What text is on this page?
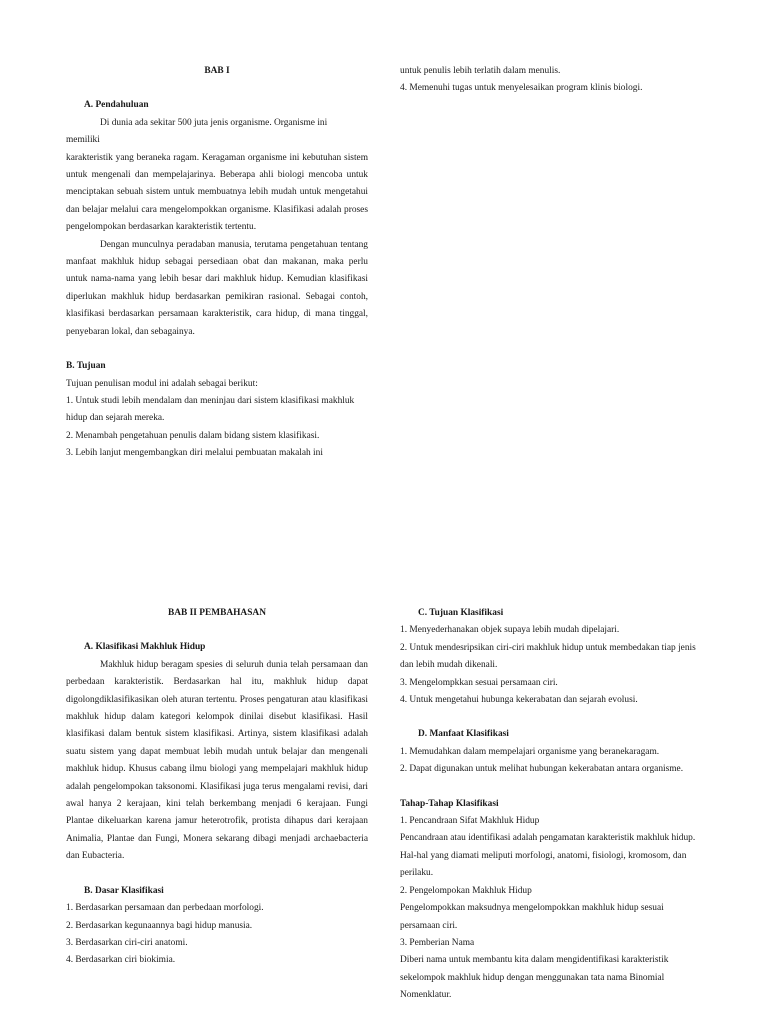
BAB I

A. Pendahuluan

Di dunia ada sekitar 500 juta jenis organisme. Organisme ini

memiliki

karakteristik yang beraneka ragam. Keragaman organisme ini kebutuhan sistem untuk mengenali dan mempelajarinya. Beberapa ahli biologi mencoba untuk menciptakan sebuah sistem untuk membuatnya lebih mudah untuk mengetahui dan belajar melalui cara mengelompokkan organisme. Klasifikasi adalah proses pengelompokan berdasarkan karakteristik tertentu.

Dengan munculnya peradaban manusia, terutama pengetahuan tentang manfaat makhluk hidup sebagai persediaan obat dan makanan, maka perlu untuk nama-nama yang lebih besar dari makhluk hidup. Kemudian klasifikasi diperlukan makhluk hidup berdasarkan pemikiran rasional. Sebagai contoh, klasifikasi berdasarkan persamaan karakteristik, cara hidup, di mana tinggal, penyebaran lokal, dan sebagainya.

B. Tujuan

Tujuan penulisan modul ini adalah sebagai berikut:

1. Untuk studi lebih mendalam dan meninjau dari sistem klasifikasi makhluk hidup dan sejarah mereka.

2. Menambah pengetahuan penulis dalam bidang sistem klasifikasi.

3. Lebih lanjut mengembangkan diri melalui pembuatan makalah ini

untuk penulis lebih terlatih dalam menulis.

4. Memenuhi tugas untuk menyelesaikan program klinis biologi.

BAB II PEMBAHASAN

A. Klasifikasi Makhluk Hidup

Makhluk hidup beragam spesies di seluruh dunia telah persamaan dan perbedaan karakteristik. Berdasarkan hal itu, makhluk hidup dapat digolongdiklasifikasikan oleh aturan tertentu. Proses pengaturan atau klasifikasi makhluk hidup dalam kategori kelompok dinilai disebut klasifikasi. Hasil klasifikasi dalam bentuk sistem klasifikasi. Artinya, sistem klasifikasi adalah suatu sistem yang dapat membuat lebih mudah untuk belajar dan mengenali makhluk hidup. Khusus cabang ilmu biologi yang mempelajari makhluk hidup adalah pengelompokan taksonomi. Klasifikasi juga terus mengalami revisi, dari awal hanya 2 kerajaan, kini telah berkembang menjadi 6 kerajaan. Fungi Plantae dikeluarkan karena jamur heterotrofik, protista dihapus dari kerajaan Animalia, Plantae dan Fungi, Monera sekarang dibagi menjadi archaebacteria dan Eubacteria.

B. Dasar Klasifikasi

1. Berdasarkan persamaan dan perbedaan morfologi.

2. Berdasarkan kegunaannya bagi hidup manusia.

3. Berdasarkan ciri-ciri anatomi.

4. Berdasarkan ciri biokimia.

C. Tujuan Klasifikasi

1. Menyederhanakan objek supaya lebih mudah dipelajari.

2. Untuk mendesripsikan ciri-ciri makhluk hidup untuk membedakan tiap jenis dan lebih mudah dikenali.

3. Mengelompkkan sesuai persamaan ciri.

4. Untuk mengetahui hubunga kekerabatan dan sejarah evolusi.

D. Manfaat Klasifikasi

1. Memudahkan dalam mempelajari organisme yang beranekaragam.

2. Dapat digunakan untuk melihat hubungan kekerabatan antara organisme.

Tahap-Tahap Klasifikasi

1. Pencandraan Sifat Makhluk Hidup

Pencandraan atau identifikasi adalah pengamatan karakteristik makhluk hidup. Hal-hal yang diamati meliputi morfologi, anatomi, fisiologi, kromosom, dan perilaku.

2. Pengelompokan Makhluk Hidup

Pengelompokkan maksudnya mengelompokkan makhluk hidup sesuai persamaan ciri.

3. Pemberian Nama

Diberi nama untuk membantu kita dalam mengidentifikasi karakteristik sekelompok makhluk hidup dengan menggunakan tata nama Binomial Nomenklatur.
